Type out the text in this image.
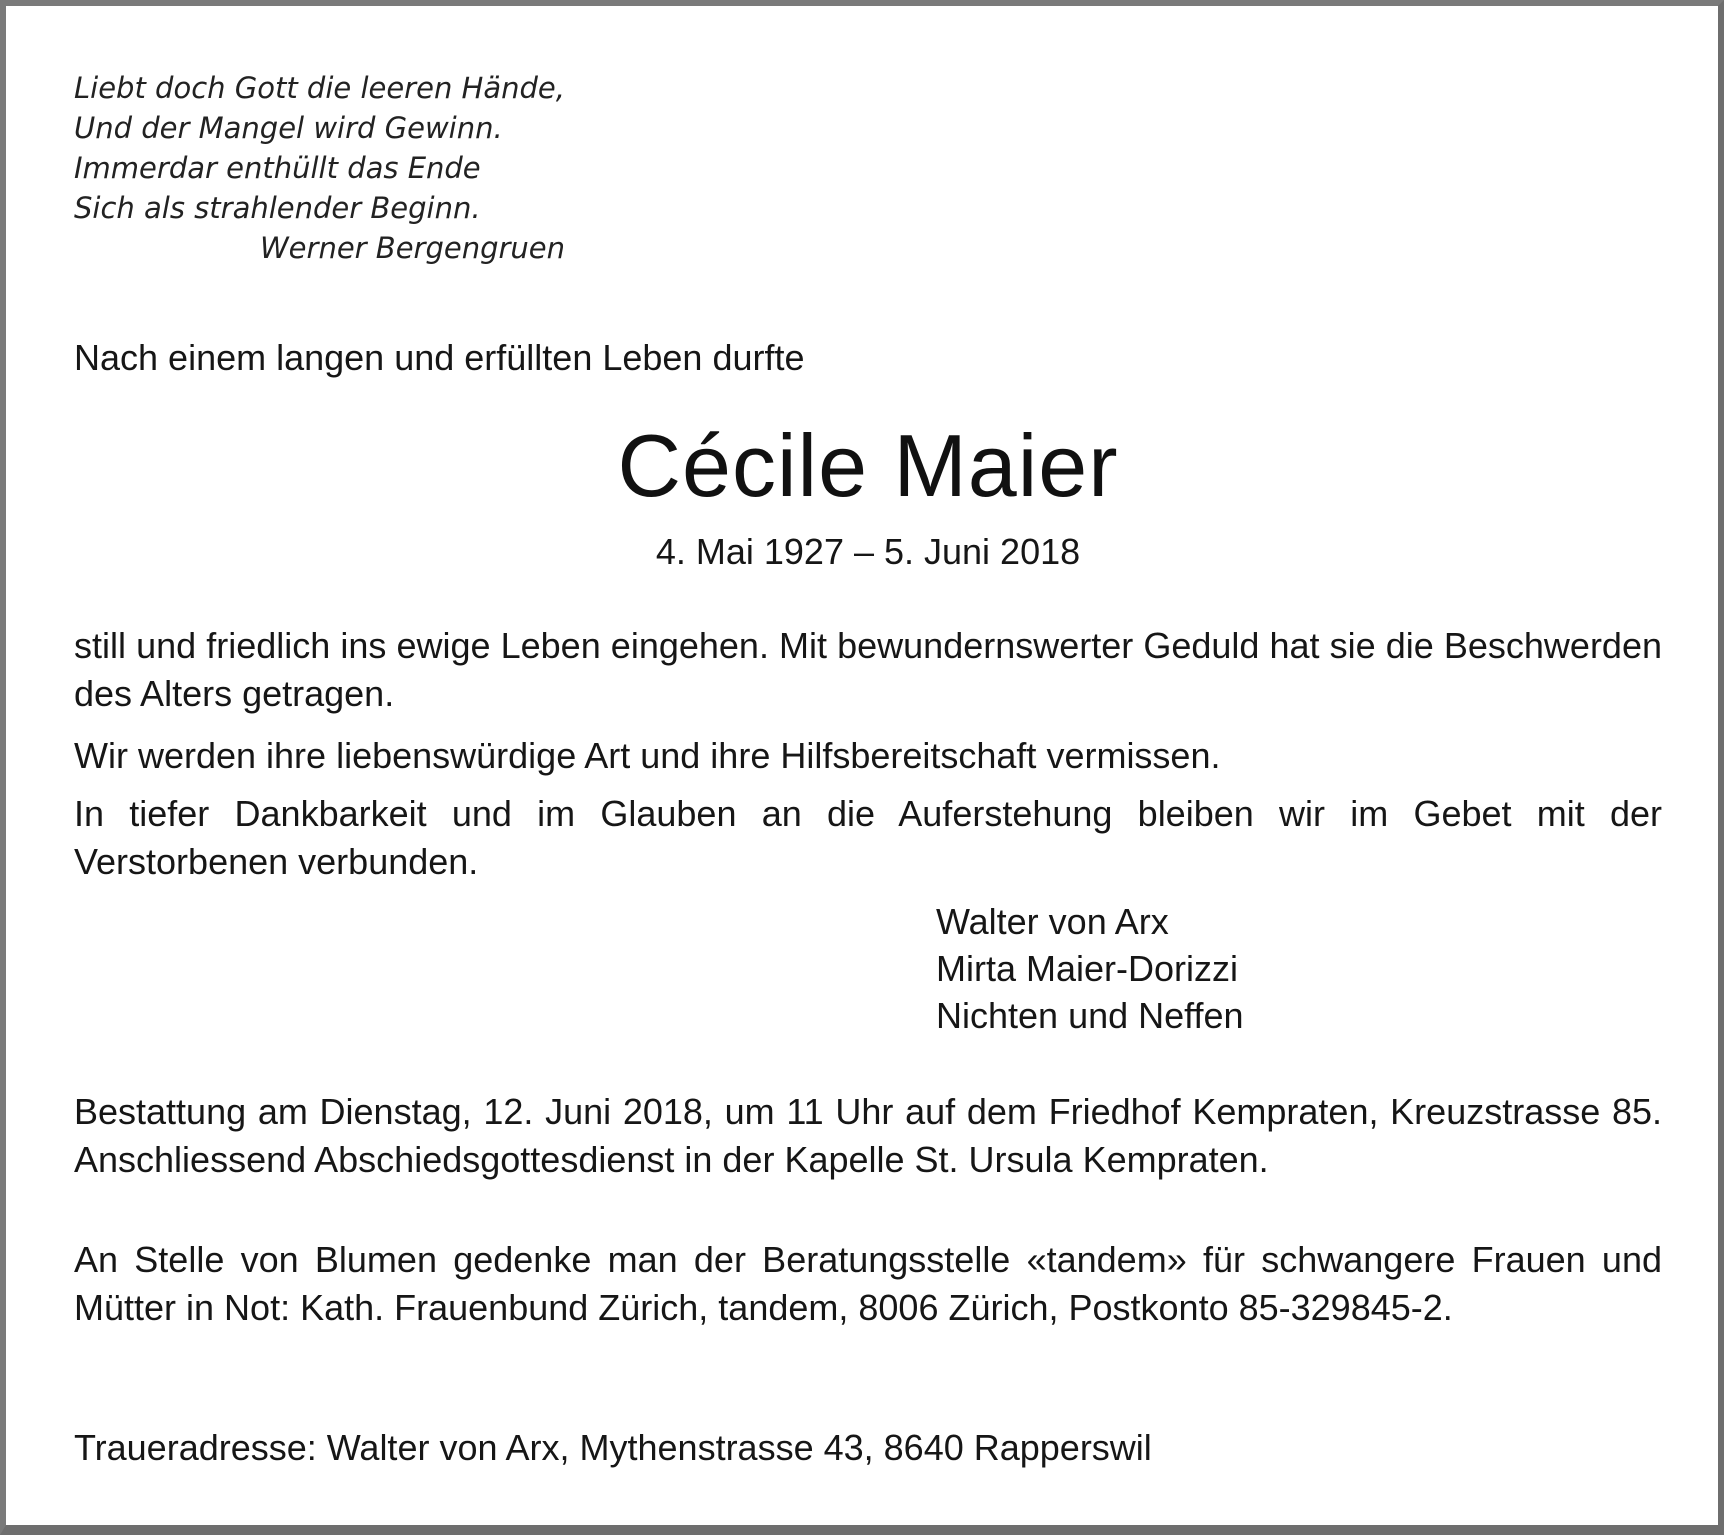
Liebt doch Gott die leeren Hände,
Und der Mangel wird Gewinn.
Immerdar enthüllt das Ende
Sich als strahlender Beginn.
Werner Bergengruen
Nach einem langen und erfüllten Leben durfte
Cécile Maier
4. Mai 1927 – 5. Juni 2018
still und friedlich ins ewige Leben eingehen. Mit bewundernswerter Geduld hat sie die Beschwerden des Alters getragen.
Wir werden ihre liebenswürdige Art und ihre Hilfsbereitschaft vermissen.
In tiefer Dankbarkeit und im Glauben an die Auferstehung bleiben wir im Gebet mit der Verstorbenen verbunden.
Walter von Arx
Mirta Maier-Dorizzi
Nichten und Neffen
Bestattung am Dienstag, 12. Juni 2018, um 11 Uhr auf dem Friedhof Kempraten, Kreuzstrasse 85. Anschliessend Abschiedsgottesdienst in der Kapelle St. Ursula Kempraten.
An Stelle von Blumen gedenke man der Beratungsstelle «tandem» für schwangere Frauen und Mütter in Not: Kath. Frauenbund Zürich, tandem, 8006 Zürich, Postkonto 85-329845-2.
Traueradresse: Walter von Arx, Mythenstrasse 43, 8640 Rapperswil
